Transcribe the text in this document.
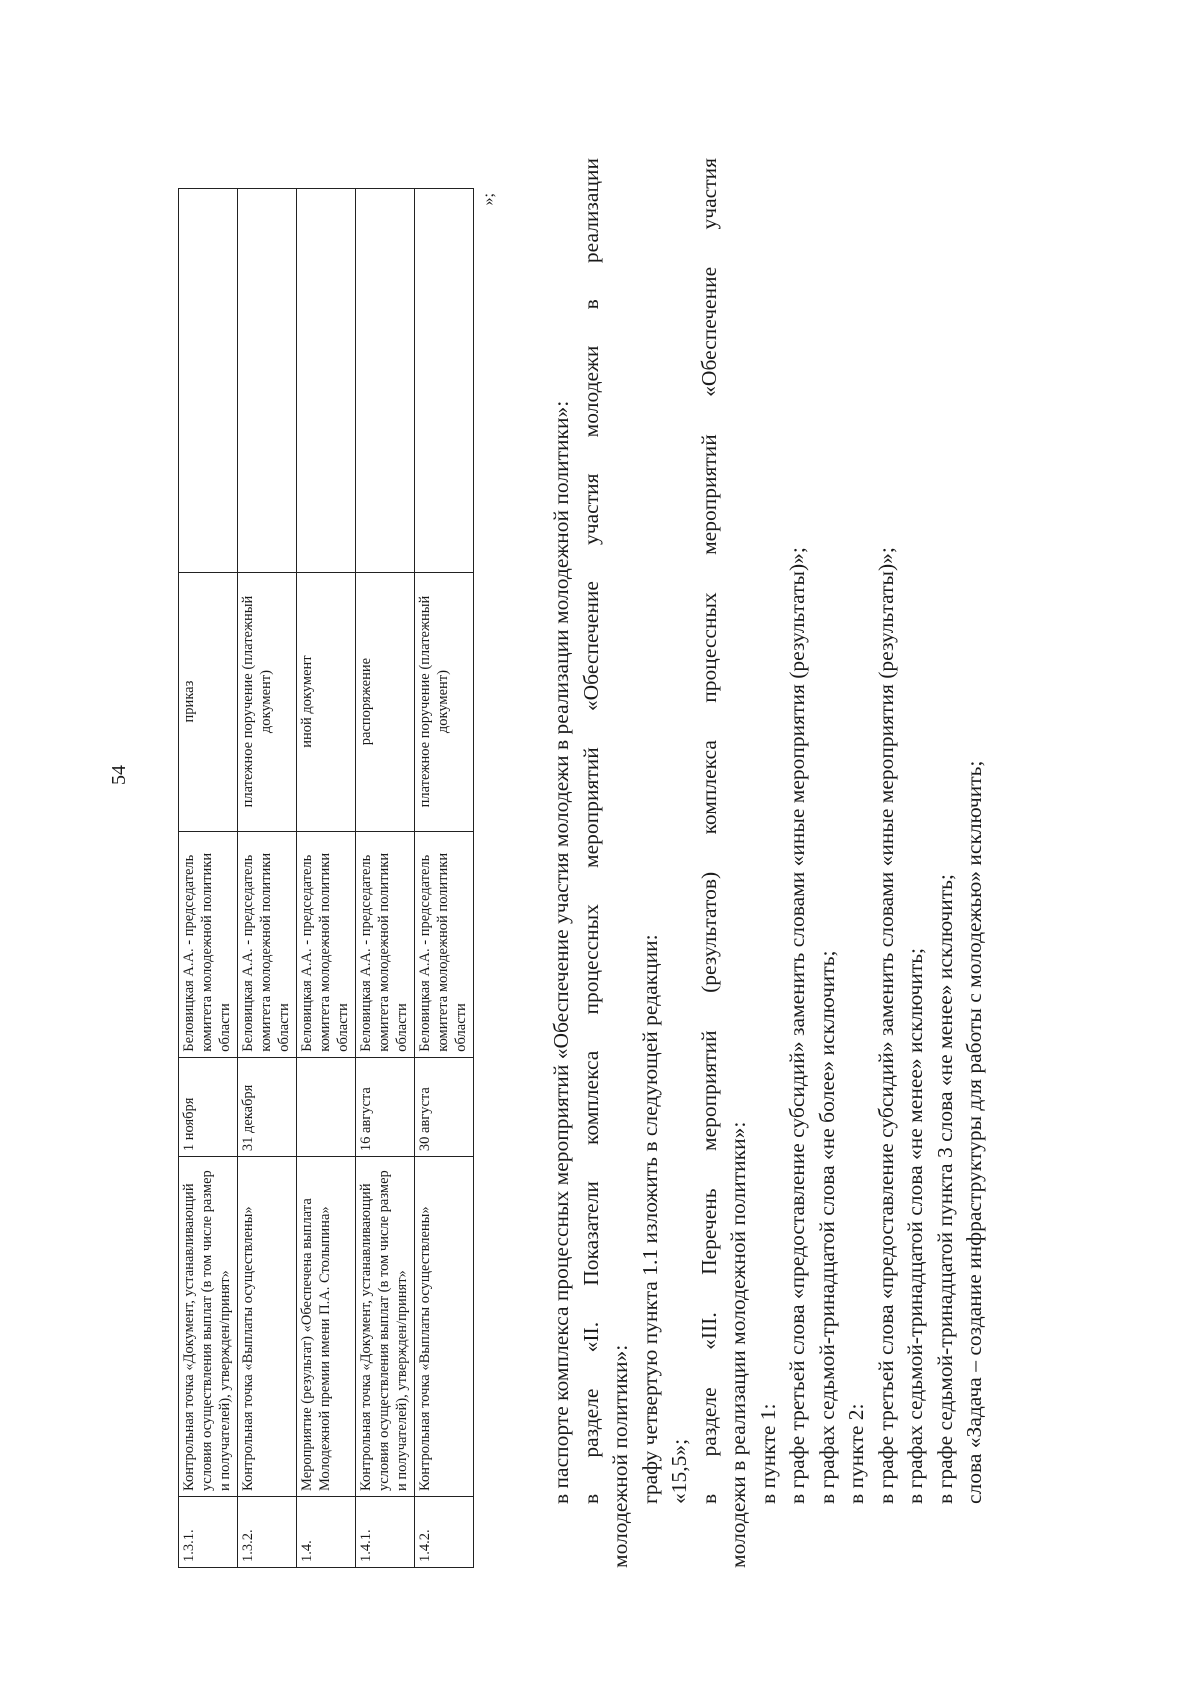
54
1.3.1.	Контрольная точка «Документ, устанавливающий условия осуществления выплат (в том числе размер и получателей), утвержден/принят»	1 ноября	Беловицкая А.А. - председатель комитета молодежной политики области	приказ	
1.3.2.	Контрольная точка «Выплаты осуществлены»	31 декабря	Беловицкая А.А. - председатель комитета молодежной политики области	платежное поручение (платежный документ)	
1.4.	Мероприятие (результат) «Обеспечена выплата Молодежной премии имени П.А. Столыпина»		Беловицкая А.А. - председатель комитета молодежной политики области	иной документ	
1.4.1.	Контрольная точка «Документ, устанавливающий условия осуществления выплат (в том числе размер и получателей), утвержден/принят»	16 августа	Беловицкая А.А. - председатель комитета молодежной политики области	распоряжение	
1.4.2.	Контрольная точка «Выплаты осуществлены»	30 августа	Беловицкая А.А. - председатель комитета молодежной политики области	платежное поручение (платежный документ)	»;

в паспорте комплекса процессных мероприятий «Обеспечение участия молодежи в реализации молодежной политики»: в разделе «II. Показатели комплекса процессных мероприятий «Обеспечение участия молодежи в реализации молодежной политики»: графу четвертую пункта 1.1 изложить в следующей редакции: «15,5»; в разделе «III. Перечень мероприятий (результатов) комплекса процессных мероприятий «Обеспечение участия молодежи в реализации молодежной политики»: в пункте 1: в графе третьей слова «предоставление субсидий» заменить словами «иные мероприятия (результаты)»; в графах седьмой-тринадцатой слова «не более» исключить; в пункте 2: в графе третьей слова «предоставление субсидий» заменить словами «иные мероприятия (результаты)»; в графах седьмой-тринадцатой слова «не менее» исключить; в графе седьмой-тринадцатой пункта 3 слова «не менее» исключить; слова «Задача – создание инфраструктуры для работы с молодежью» исключить;
